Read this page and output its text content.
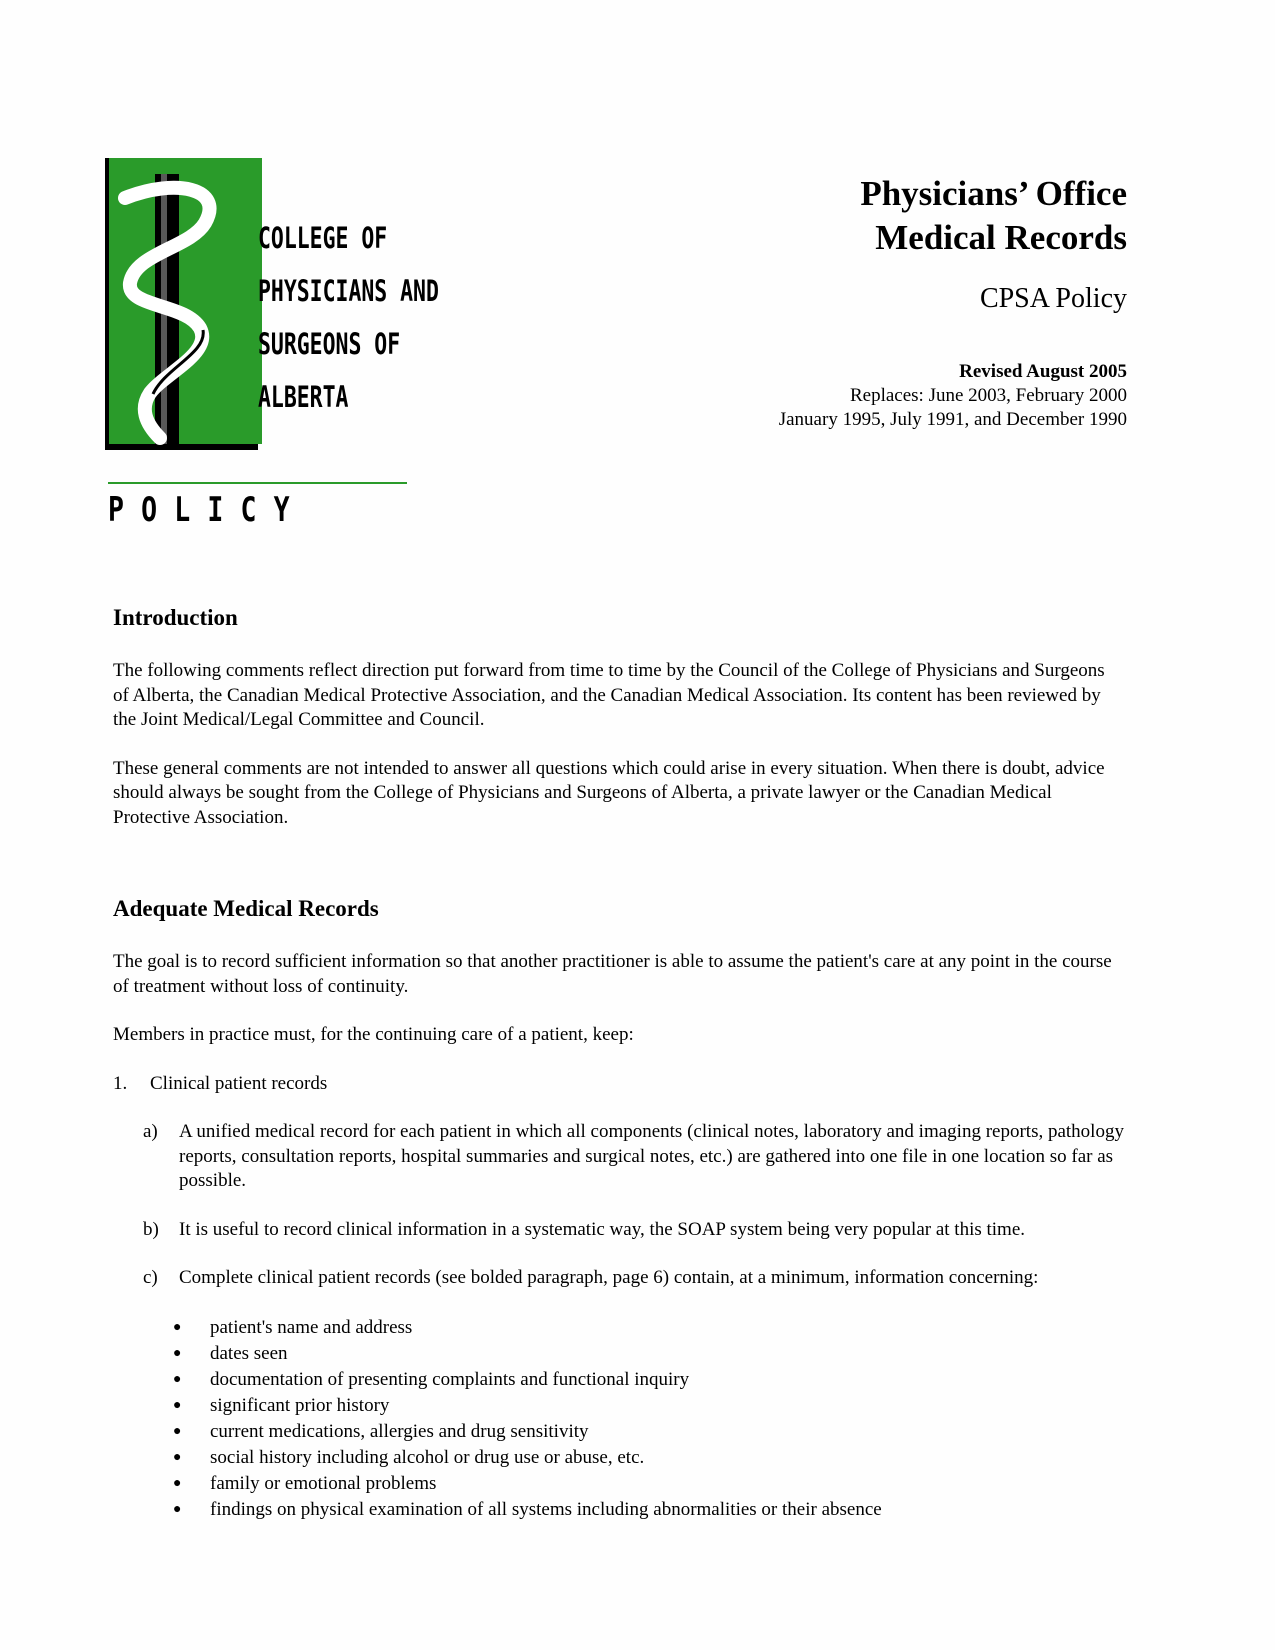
COLLEGE OF
PHYSICIANS AND
SURGEONS OF
ALBERTA
POLICY
Physicians’ Office
Medical Records
CPSA Policy
Revised August 2005
Replaces: June 2003, February 2000
January 1995, July 1991, and December 1990
Introduction

The following comments reflect direction put forward from time to time by the Council of the College of Physicians and Surgeons of Alberta, the Canadian Medical Protective Association, and the Canadian Medical Association. Its content has been reviewed by the Joint Medical/Legal Committee and Council.

These general comments are not intended to answer all questions which could arise in every situation. When there is doubt, advice should always be sought from the College of Physicians and Surgeons of Alberta, a private lawyer or the Canadian Medical Protective Association.

Adequate Medical Records

The goal is to record sufficient information so that another practitioner is able to assume the patient's care at any point in the course of treatment without loss of continuity.

Members in practice must, for the continuing care of a patient, keep:

1.	Clinical patient records
a)	A unified medical record for each patient in which all components (clinical notes, laboratory and imaging reports, pathology reports, consultation reports, hospital summaries and surgical notes, etc.) are gathered into one file in one location so far as possible.
b)	It is useful to record clinical information in a systematic way, the SOAP system being very popular at this time.
c)	Complete clinical patient records (see bolded paragraph, page 6) contain, at a minimum, information concerning:
●	patient's name and address
●	dates seen
●	documentation of presenting complaints and functional inquiry
●	significant prior history
●	current medications, allergies and drug sensitivity
●	social history including alcohol or drug use or abuse, etc.
●	family or emotional problems
●	findings on physical examination of all systems including abnormalities or their absence
